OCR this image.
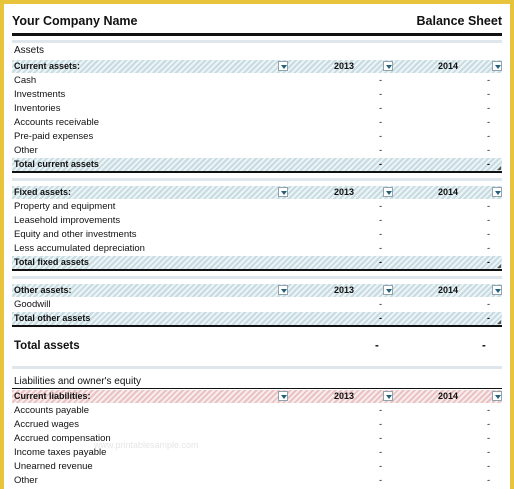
Your Company Name	Balance Sheet
Assets
Current assets:	2013	2014
Cash	-	-
Investments	-	-
Inventories	-	-
Accounts receivable	-	-
Pre-paid expenses	-	-
Other	-	-
Total current assets	-	-
Fixed assets:	2013	2014
Property and equipment	-	-
Leasehold improvements	-	-
Equity and other investments	-	-
Less accumulated depreciation	-	-
Total fixed assets	-	-
Other assets:	2013	2014
Goodwill	-	-
Total other assets	-	-
Total assets	-	-
Liabilities and owner's equity
Current liabilities:	2013	2014
Accounts payable	-	-
Accrued wages	-	-
Accrued compensation	-	-
Income taxes payable	-	-
Unearned revenue	-	-
Other	-	-
www.printablesample.com
